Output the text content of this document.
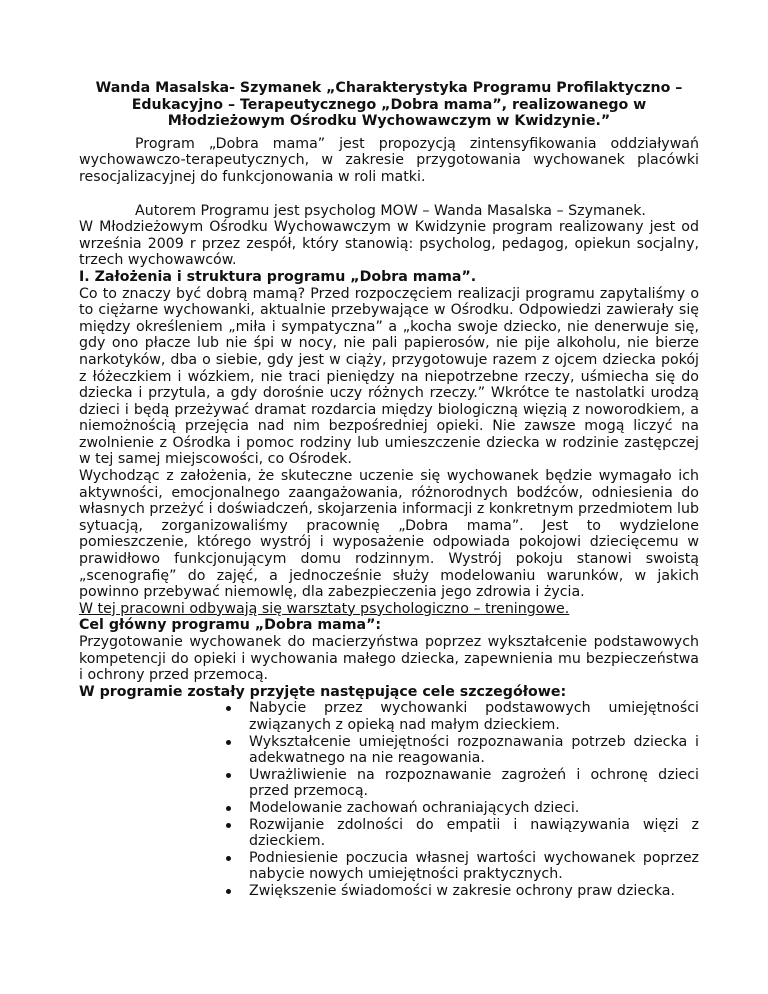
Wanda Masalska- Szymanek „Charakterystyka Programu Profilaktyczno – Edukacyjno – Terapeutycznego „Dobra mama”, realizowanego w Młodzieżowym Ośrodku Wychowawczym w Kwidzynie.”

Program „Dobra mama” jest propozycją zintensyfikowania oddziaływań wychowawczo-terapeutycznych, w zakresie przygotowania wychowanek placówki resocjalizacyjnej do funkcjonowania w roli matki.

Autorem Programu jest psycholog MOW – Wanda Masalska – Szymanek.

W Młodzieżowym Ośrodku Wychowawczym w Kwidzynie program realizowany jest od września 2009 r przez zespół, który stanowią: psycholog, pedagog, opiekun socjalny, trzech wychowawców.

I. Założenia i struktura programu „Dobra mama”.

Co to znaczy być dobrą mamą? Przed rozpoczęciem realizacji programu zapytaliśmy o to ciężarne wychowanki, aktualnie przebywające w Ośrodku. Odpowiedzi zawierały się między określeniem „miła i sympatyczna” a „kocha swoje dziecko, nie denerwuje się, gdy ono płacze lub nie śpi w nocy, nie pali papierosów, nie pije alkoholu, nie bierze narkotyków, dba o siebie, gdy jest w ciąży, przygotowuje razem z ojcem dziecka pokój z łóżeczkiem i wózkiem, nie traci pieniędzy na niepotrzebne rzeczy, uśmiecha się do dziecka i przytula, a gdy dorośnie uczy różnych rzeczy.” Wkrótce te nastolatki urodzą dzieci i będą przeżywać dramat rozdarcia między biologiczną więzią z noworodkiem, a niemożnością przejęcia nad nim bezpośredniej opieki. Nie zawsze mogą liczyć na zwolnienie z Ośrodka i pomoc rodziny lub umieszczenie dziecka w rodzinie zastępczej w tej samej miejscowości, co Ośrodek.

Wychodząc z założenia, że skuteczne uczenie się wychowanek będzie wymagało ich aktywności, emocjonalnego zaangażowania, różnorodnych bodźców, odniesienia do własnych przeżyć i doświadczeń, skojarzenia informacji z konkretnym przedmiotem lub sytuacją, zorganizowaliśmy pracownię „Dobra mama”. Jest to wydzielone pomieszczenie, którego wystrój i wyposażenie odpowiada pokojowi dziecięcemu w prawidłowo funkcjonującym domu rodzinnym. Wystrój pokoju stanowi swoistą „scenografię” do zajęć, a jednocześnie służy modelowaniu warunków, w jakich powinno przebywać niemowlę, dla zabezpieczenia jego zdrowia i życia.

W tej pracowni odbywają się warsztaty psychologiczno – treningowe.

Cel główny programu „Dobra mama”:

Przygotowanie wychowanek do macierzyństwa poprzez wykształcenie podstawowych kompetencji do opieki i wychowania małego dziecka, zapewnienia mu bezpieczeństwa i ochrony przed przemocą.

W programie zostały przyjęte następujące cele szczegółowe:

Nabycie przez wychowanki podstawowych umiejętności związanych z opieką nad małym dzieckiem.
Wykształcenie umiejętności rozpoznawania potrzeb dziecka i adekwatnego na nie reagowania.
Uwrażliwienie na rozpoznawanie zagrożeń i ochronę dzieci przed przemocą.
Modelowanie zachowań ochraniających dzieci.
Rozwijanie zdolności do empatii i nawiązywania więzi z dzieckiem.
Podniesienie poczucia własnej wartości wychowanek poprzez nabycie nowych umiejętności praktycznych.
Zwiększenie świadomości w zakresie ochrony praw dziecka.
